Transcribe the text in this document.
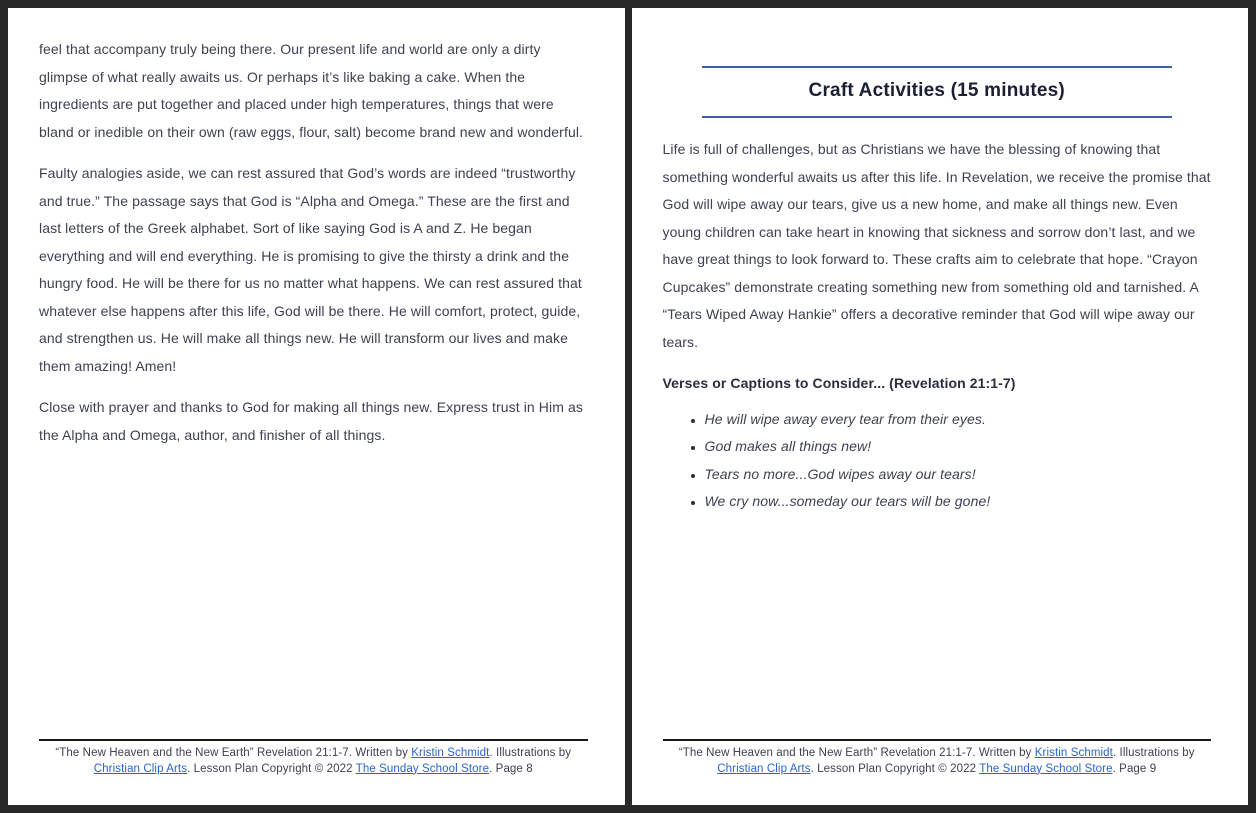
feel that accompany truly being there. Our present life and world are only a dirty glimpse of what really awaits us. Or perhaps it’s like baking a cake. When the ingredients are put together and placed under high temperatures, things that were bland or inedible on their own (raw eggs, flour, salt) become brand new and wonderful.

Faulty analogies aside, we can rest assured that God’s words are indeed “trustworthy and true.” The passage says that God is “Alpha and Omega.” These are the first and last letters of the Greek alphabet. Sort of like saying God is A and Z. He began everything and will end everything. He is promising to give the thirsty a drink and the hungry food. He will be there for us no matter what happens. We can rest assured that whatever else happens after this life, God will be there. He will comfort, protect, guide, and strengthen us. He will make all things new. He will transform our lives and make them amazing! Amen!

Close with prayer and thanks to God for making all things new. Express trust in Him as the Alpha and Omega, author, and finisher of all things.

“The New Heaven and the New Earth” Revelation 21:1-7. Written by Kristin Schmidt. Illustrations by Christian Clip Arts. Lesson Plan Copyright © 2022 The Sunday School Store. Page 8
Craft Activities (15 minutes)

Life is full of challenges, but as Christians we have the blessing of knowing that something wonderful awaits us after this life. In Revelation, we receive the promise that God will wipe away our tears, give us a new home, and make all things new. Even young children can take heart in knowing that sickness and sorrow don’t last, and we have great things to look forward to. These crafts aim to celebrate that hope. “Crayon Cupcakes” demonstrate creating something new from something old and tarnished. A “Tears Wiped Away Hankie” offers a decorative reminder that God will wipe away our tears.

Verses or Captions to Consider... (Revelation 21:1-7)

• He will wipe away every tear from their eyes.
• God makes all things new!
• Tears no more...God wipes away our tears!
• We cry now...someday our tears will be gone!
“The New Heaven and the New Earth” Revelation 21:1-7. Written by Kristin Schmidt. Illustrations by Christian Clip Arts. Lesson Plan Copyright © 2022 The Sunday School Store. Page 9
